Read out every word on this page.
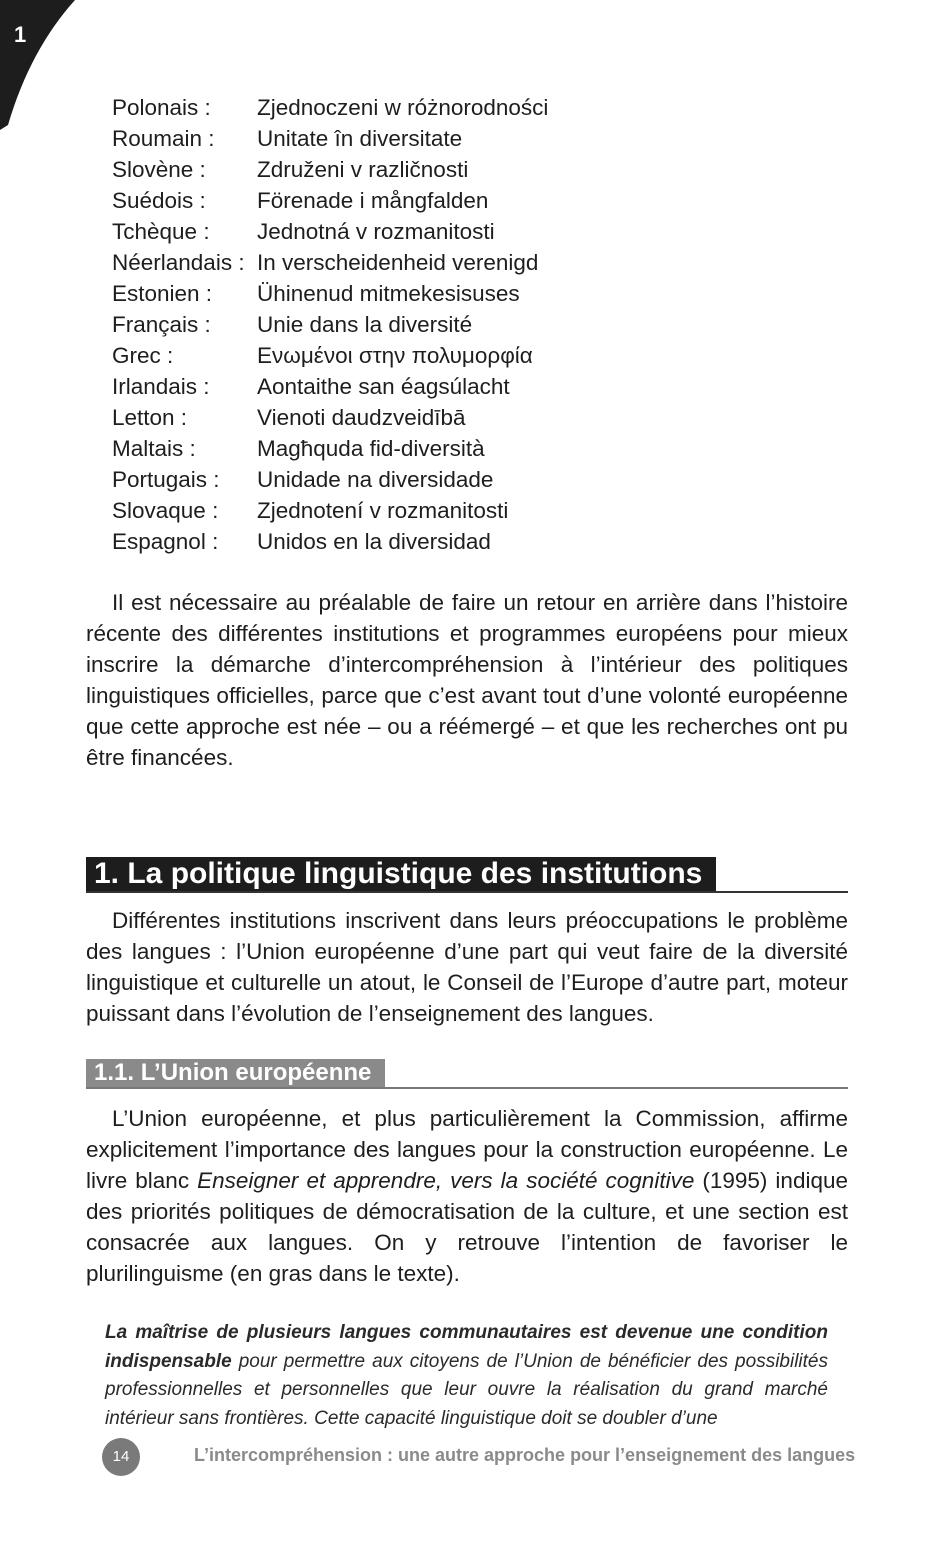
1
Polonais :	Zjednoczeni w różnorodności
Roumain :	Unitate în diversitate
Slovène :	Združeni v različnosti
Suédois :	Förenade i mångfalden
Tchèque :	Jednotná v rozmanitosti
Néerlandais : In verscheidenheid verenigd
Estonien :	Ühinenud mitmekesisuses
Français :	Unie dans la diversité
Grec :	Ενωμένοι στην πολυμορφία
Irlandais :	Aontaithe san éagsúlacht
Letton :	Vienoti daudzveidībā
Maltais :	Magħquda fid-diversità
Portugais :	Unidade na diversidade
Slovaque :	Zjednotení v rozmanitosti
Espagnol :	Unidos en la diversidad

Il est nécessaire au préalable de faire un retour en arrière dans l’histoire récente des différentes institutions et programmes européens pour mieux inscrire la démarche d’intercompréhension à l’intérieur des politiques linguistiques officielles, parce que c’est avant tout d’une volonté européenne que cette approche est née – ou a réémergé – et que les recherches ont pu être financées.

1. La politique linguistique des institutions

Différentes institutions inscrivent dans leurs préoccupations le problème des langues : l’Union européenne d’une part qui veut faire de la diversité linguistique et culturelle un atout, le Conseil de l’Europe d’autre part, moteur puissant dans l’évolution de l’enseignement des langues.

1.1. L’Union européenne

L’Union européenne, et plus particulièrement la Commission, affirme explicitement l’importance des langues pour la construction européenne. Le livre blanc Enseigner et apprendre, vers la société cognitive (1995) indique des priorités politiques de démocratisation de la culture, et une section est consacrée aux langues. On y retrouve l’intention de favoriser le plurilinguisme (en gras dans le texte).

La maîtrise de plusieurs langues communautaires est devenue une condition indispensable pour permettre aux citoyens de l’Union de bénéficier des possibilités professionnelles et personnelles que leur ouvre la réalisation du grand marché intérieur sans frontières. Cette capacité linguistique doit se doubler d’une

14	L’intercompréhension : une autre approche pour l’enseignement des langues
